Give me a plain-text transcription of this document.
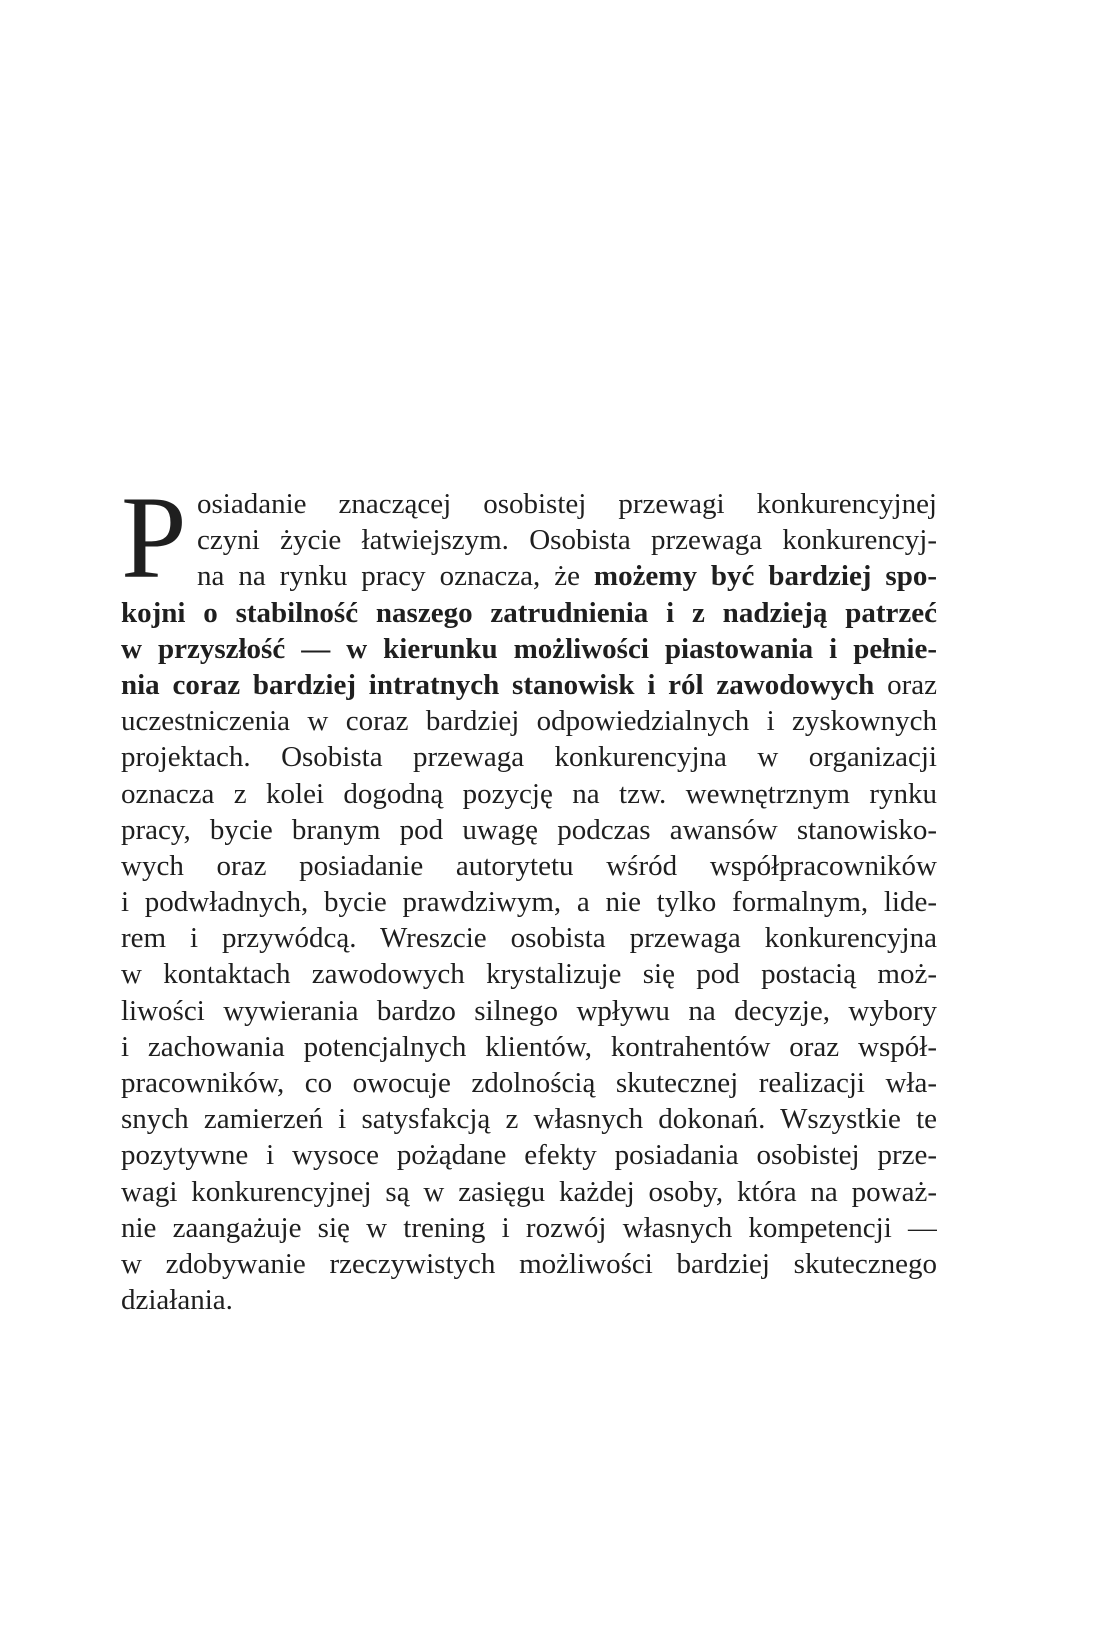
P osiadanie znaczącej osobistej przewagi konkurencyjnej
czyni życie łatwiejszym. Osobista przewaga konkurencyj-
na na rynku pracy oznacza, że możemy być bardziej spo-
kojni o stabilność naszego zatrudnienia i z nadzieją patrzeć
w przyszłość — w kierunku możliwości piastowania i pełnie-
nia coraz bardziej intratnych stanowisk i ról zawodowych oraz
uczestniczenia w coraz bardziej odpowiedzialnych i zyskownych
projektach. Osobista przewaga konkurencyjna w organizacji
oznacza z kolei dogodną pozycję na tzw. wewnętrznym rynku
pracy, bycie branym pod uwagę podczas awansów stanowisko-
wych oraz posiadanie autorytetu wśród współpracowników
i podwładnych, bycie prawdziwym, a nie tylko formalnym, lide-
rem i przywódcą. Wreszcie osobista przewaga konkurencyjna
w kontaktach zawodowych krystalizuje się pod postacią moż-
liwości wywierania bardzo silnego wpływu na decyzje, wybory
i zachowania potencjalnych klientów, kontrahentów oraz współ-
pracowników, co owocuje zdolnością skutecznej realizacji wła-
snych zamierzeń i satysfakcją z własnych dokonań. Wszystkie te
pozytywne i wysoce pożądane efekty posiadania osobistej prze-
wagi konkurencyjnej są w zasięgu każdej osoby, która na poważ-
nie zaangażuje się w trening i rozwój własnych kompetencji —
w zdobywanie rzeczywistych możliwości bardziej skutecznego
działania.
